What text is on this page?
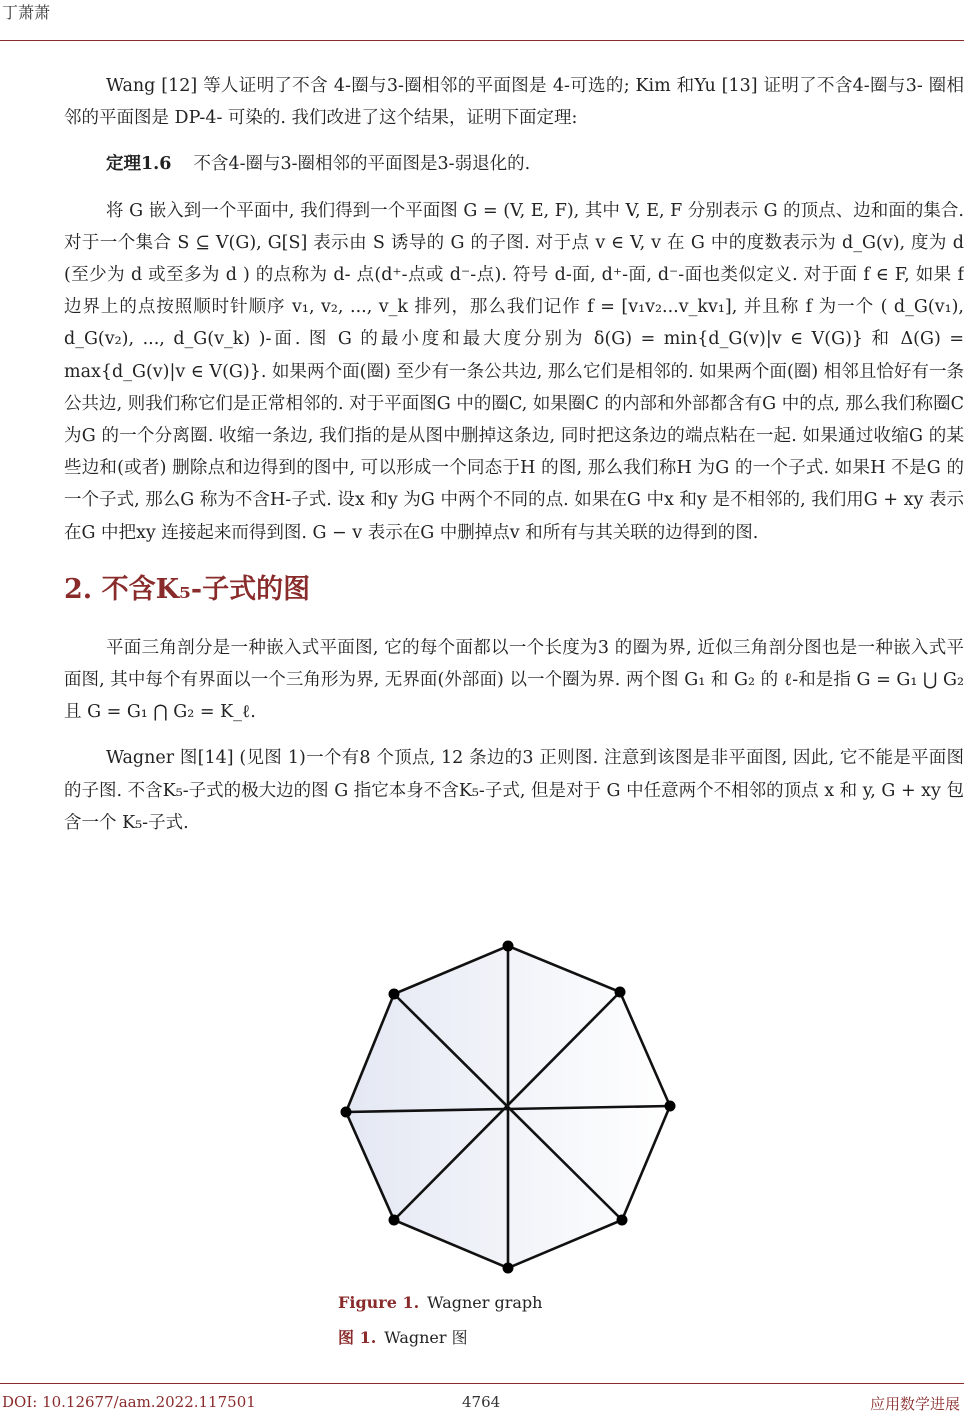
丁萧萧

Wang [12] 等人证明了不含 4-圈与3-圈相邻的平面图是 4-可选的; Kim 和Yu [13] 证明了不含4-圈与3- 圈相邻的平面图是 DP-4- 可染的. 我们改进了这个结果，证明下面定理:

定理1.6 不含4-圈与3-圈相邻的平面图是3-弱退化的.

将 G 嵌入到一个平面中, 我们得到一个平面图 G = (V, E, F), 其中 V, E, F 分别表示 G 的顶点、边和面的集合. 对于一个集合 S ⊆ V(G), G[S] 表示由 S 诱导的 G 的子图. 对于点 v ∈ V, v 在 G 中的度数表示为 d_G(v), 度为 d (至少为 d 或至多为 d ) 的点称为 d- 点(d⁺-点或 d⁻-点). 符号 d-面, d⁺-面, d⁻-面也类似定义. 对于面 f ∈ F, 如果 f 边界上的点按照顺时针顺序 v₁, v₂, ..., v_k 排列，那么我们记作 f = [v₁v₂...v_kv₁], 并且称 f 为一个 ( d_G(v₁), d_G(v₂), ..., d_G(v_k) )-面. 图 G 的最小度和最大度分别为 δ(G) = min{d_G(v)|v ∈ V(G)} 和 Δ(G) = max{d_G(v)|v ∈ V(G)}. 如果两个面(圈) 至少有一条公共边, 那么它们是相邻的. 如果两个面(圈) 相邻且恰好有一条公共边, 则我们称它们是正常相邻的. 对于平面图G 中的圈C, 如果圈C 的内部和外部都含有G 中的点, 那么我们称圈C 为G 的一个分离圈. 收缩一条边, 我们指的是从图中删掉这条边, 同时把这条边的端点粘在一起. 如果通过收缩G 的某些边和(或者) 删除点和边得到的图中, 可以形成一个同态于H 的图, 那么我们称H 为G 的一个子式. 如果H 不是G 的一个子式, 那么G 称为不含H-子式. 设x 和y 为G 中两个不同的点. 如果在G 中x 和y 是不相邻的, 我们用G + xy 表示在G 中把xy 连接起来而得到图. G − v 表示在G 中删掉点v 和所有与其关联的边得到的图.

2. 不含K₅-子式的图

平面三角剖分是一种嵌入式平面图, 它的每个面都以一个长度为3 的圈为界, 近似三角剖分图也是一种嵌入式平面图, 其中每个有界面以一个三角形为界, 无界面(外部面) 以一个圈为界. 两个图 G₁ 和 G₂ 的 ℓ-和是指 G = G₁ ⋃ G₂ 且 G = G₁ ⋂ G₂ = K_ℓ.

Wagner 图[14] (见图 1)一个有8 个顶点, 12 条边的3 正则图. 注意到该图是非平面图, 因此, 它不能是平面图的子图. 不含K₅-子式的极大边的图 G 指它本身不含K₅-子式, 但是对于 G 中任意两个不相邻的顶点 x 和 y, G + xy 包含一个 K₅-子式.

Figure 1. Wagner graph
图 1. Wagner 图
DOI: 10.12677/aam.2022.117501	4764	应用数学进展
